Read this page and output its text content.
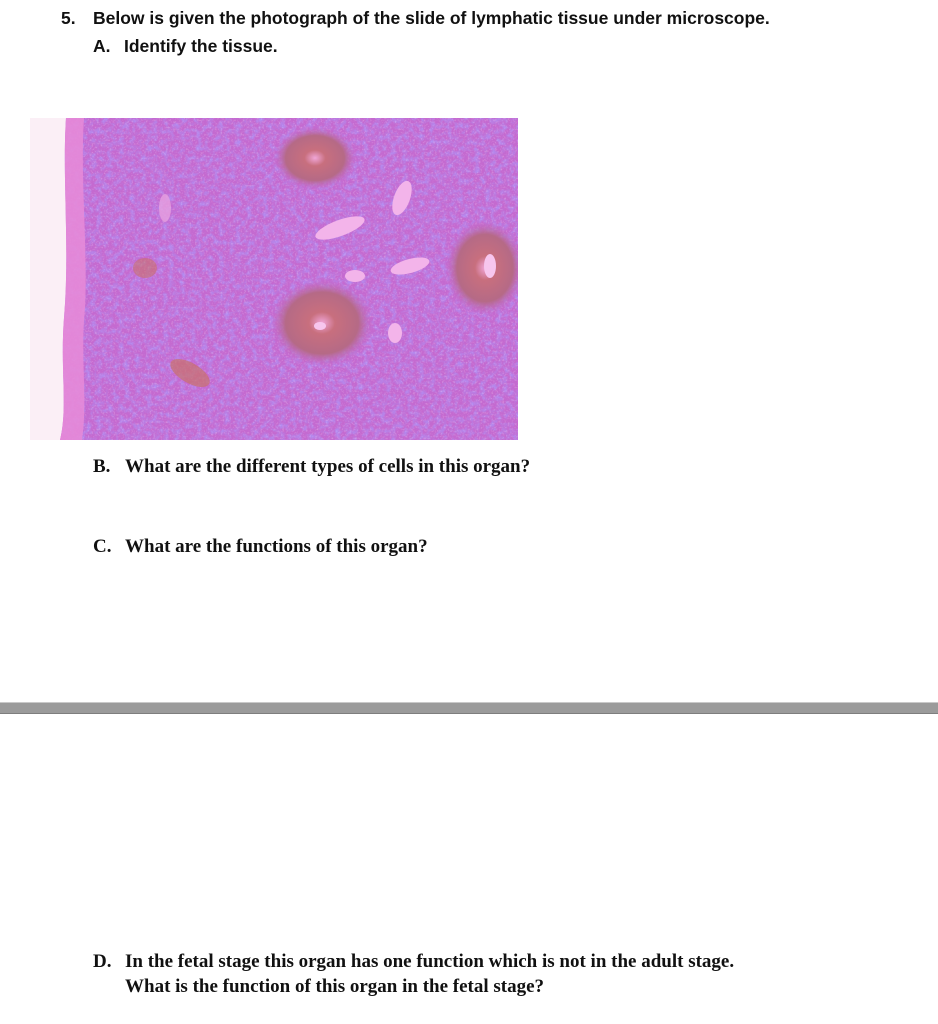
5. Below is given the photograph of the slide of lymphatic tissue under microscope.
A. Identify the tissue.
B. What are the different types of cells in this organ?
C. What are the functions of this organ?
D. In the fetal stage this organ has one function which is not in the adult stage.
What is the function of this organ in the fetal stage?
